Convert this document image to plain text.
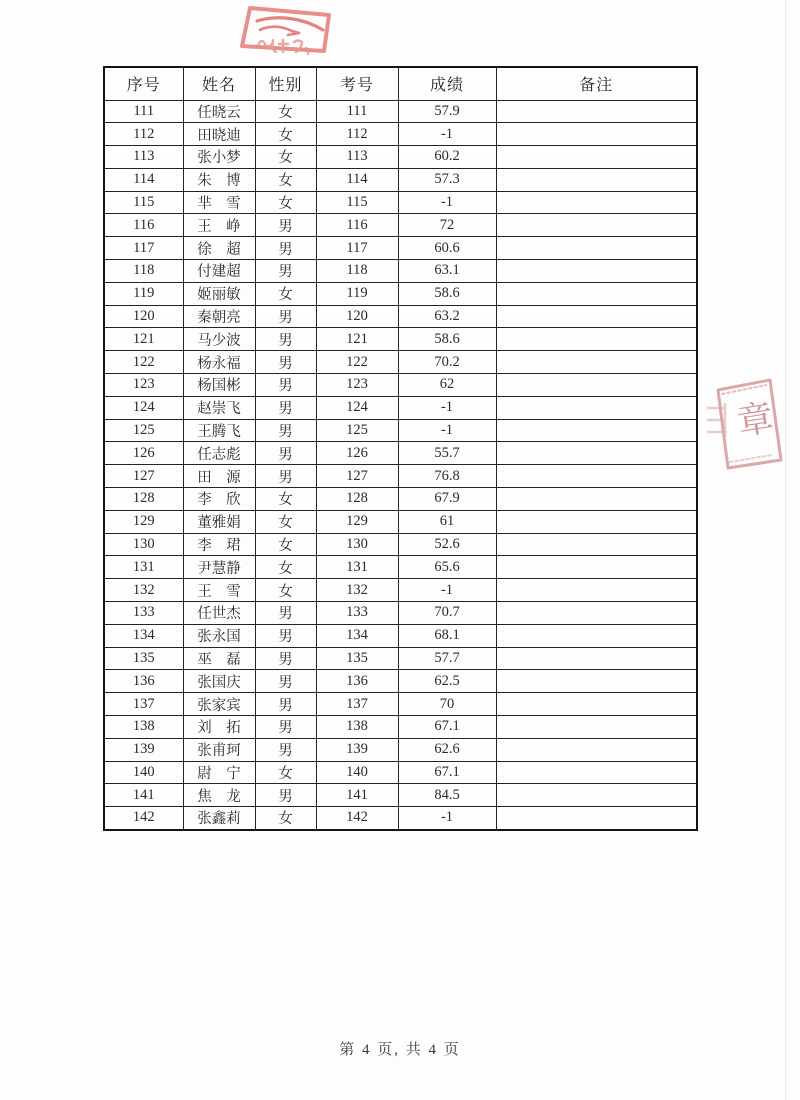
章
序号	姓名	性别	考号	成绩	备注
111	任晓云	女	111	57.9	
112	田晓迪	女	112	-1	
113	张小梦	女	113	60.2	
114	朱　博	女	114	57.3	
115	芈　雪	女	115	-1	
116	王　峥	男	116	72	
117	徐　超	男	117	60.6	
118	付建超	男	118	63.1	
119	姬丽敏	女	119	58.6	
120	秦朝亮	男	120	63.2	
121	马少波	男	121	58.6	
122	杨永福	男	122	70.2	
123	杨国彬	男	123	62	
124	赵崇飞	男	124	-1	
125	王腾飞	男	125	-1	
126	任志彪	男	126	55.7	
127	田　源	男	127	76.8	
128	李　欣	女	128	67.9	
129	董雅娟	女	129	61	
130	李　珺	女	130	52.6	
131	尹慧静	女	131	65.6	
132	王　雪	女	132	-1	
133	任世杰	男	133	70.7	
134	张永国	男	134	68.1	
135	巫　磊	男	135	57.7	
136	张国庆	男	136	62.5	
137	张家宾	男	137	70	
138	刘　拓	男	138	67.1	
139	张甫珂	男	139	62.6	
140	尉　宁	女	140	67.1	
141	焦　龙	男	141	84.5	
142	张鑫莉	女	142	-1	
第 4 页, 共 4 页
